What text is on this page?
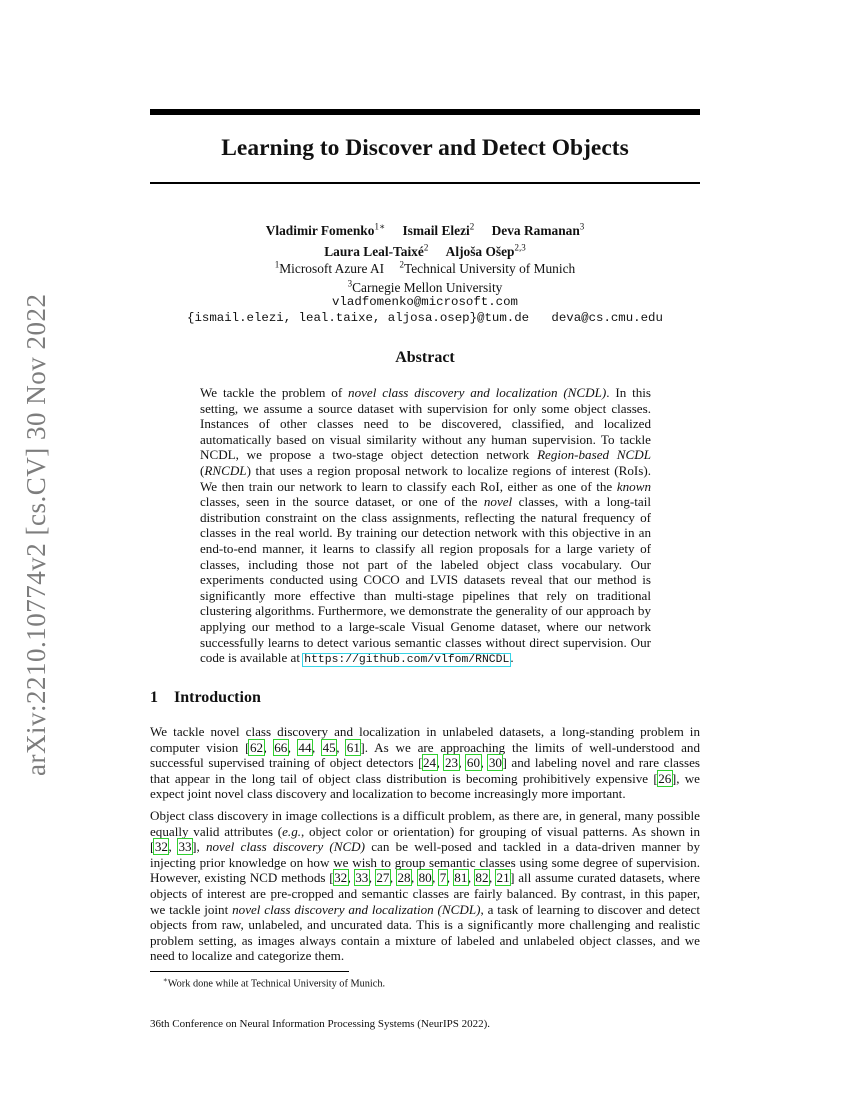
arXiv:2210.10774v2 [cs.CV] 30 Nov 2022
Learning to Discover and Detect Objects
Vladimir Fomenko$^{1∗}$ Ismail Elezi$^2$ Deva Ramanan$^3$
Laura Leal-Taixé$^2$ Aljoša Ošep$^{2,3}$
$^1$Microsoft Azure AI $^2$Technical University of Munich
$^3$Carnegie Mellon University
vladfomenko@microsoft.com
{ismail.elezi, leal.taixe, aljosa.osep}@tum.de   deva@cs.cmu.edu
Abstract

We tackle the problem of novel class discovery and localization (NCDL). In this setting, we assume a source dataset with supervision for only some object classes. Instances of other classes need to be discovered, classified, and localized automatically based on visual similarity without any human supervision. To tackle NCDL, we propose a two-stage object detection network Region-based NCDL (RNCDL) that uses a region proposal network to localize regions of interest (RoIs). We then train our network to learn to classify each RoI, either as one of the known classes, seen in the source dataset, or one of the novel classes, with a long-tail distribution constraint on the class assignments, reflecting the natural frequency of classes in the real world. By training our detection network with this objective in an end-to-end manner, it learns to classify all region proposals for a large variety of classes, including those not part of the labeled object class vocabulary. Our experiments conducted using COCO and LVIS datasets reveal that our method is significantly more effective than multi-stage pipelines that rely on traditional clustering algorithms. Furthermore, we demonstrate the generality of our approach by applying our method to a large-scale Visual Genome dataset, where our network successfully learns to detect various semantic classes without direct supervision. Our code is available at https://github.com/vlfom/RNCDL.

1 Introduction

We tackle novel class discovery and localization in unlabeled datasets, a long-standing problem in computer vision [62, 66, 44, 45, 61]. As we are approaching the limits of well-understood and successful supervised training of object detectors [24, 23, 60, 30] and labeling novel and rare classes that appear in the long tail of object class distribution is becoming prohibitively expensive [26], we expect joint novel class discovery and localization to become increasingly more important.

Object class discovery in image collections is a difficult problem, as there are, in general, many possible equally valid attributes (e.g., object color or orientation) for grouping of visual patterns. As shown in [32, 33], novel class discovery (NCD) can be well-posed and tackled in a data-driven manner by injecting prior knowledge on how we wish to group semantic classes using some degree of supervision. However, existing NCD methods [32, 33, 27, 28, 80, 7, 81, 82, 21] all assume curated datasets, where objects of interest are pre-cropped and semantic classes are fairly balanced. By contrast, in this paper, we tackle joint novel class discovery and localization (NCDL), a task of learning to discover and detect objects from raw, unlabeled, and uncurated data. This is a significantly more challenging and realistic problem setting, as images always contain a mixture of labeled and unlabeled object classes, and we need to localize and categorize them.

∗Work done while at Technical University of Munich.
36th Conference on Neural Information Processing Systems (NeurIPS 2022).
